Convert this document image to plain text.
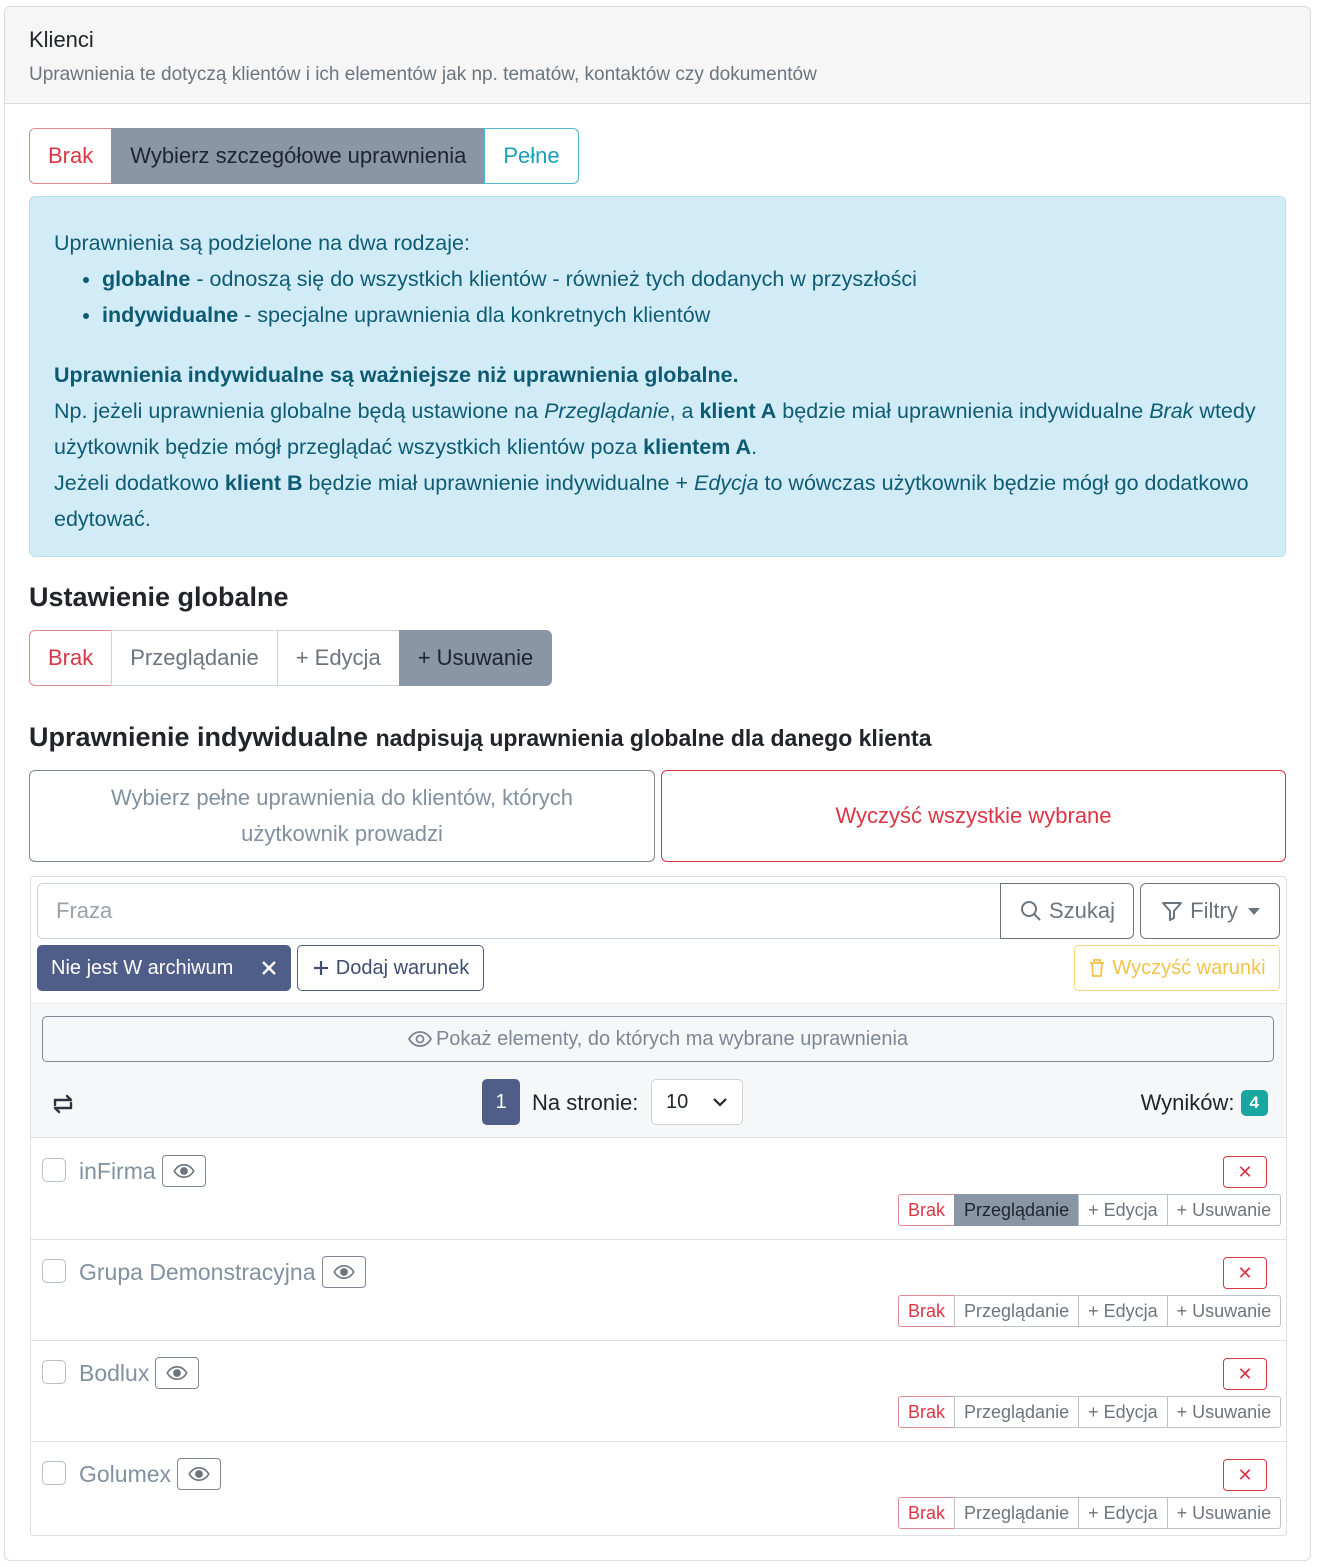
Klienci
Uprawnienia te dotyczą klientów i ich elementów jak np. tematów, kontaktów czy dokumentów
Brak	Wybierz szczegółowe uprawnienia	Pełne
Uprawnienia są podzielone na dwa rodzaje:
• globalne - odnoszą się do wszystkich klientów - również tych dodanych w przyszłości
• indywidualne - specjalne uprawnienia dla konkretnych klientów
Uprawnienia indywidualne są ważniejsze niż uprawnienia globalne.
Np. jeżeli uprawnienia globalne będą ustawione na Przeglądanie, a klient A będzie miał uprawnienia indywidualne Brak wtedy użytkownik będzie mógł przeglądać wszystkich klientów poza klientem A.
Jeżeli dodatkowo klient B będzie miał uprawnienie indywidualne + Edycja to wówczas użytkownik będzie mógł go dodatkowo edytować.
Ustawienie globalne
Brak	Przeglądanie	+ Edycja	+ Usuwanie
Uprawnienie indywidualne nadpisują uprawnienia globalne dla danego klienta
Wybierz pełne uprawnienia do klientów, których użytkownik prowadzi
Wyczyść wszystkie wybrane
Fraza	Szukaj	Filtry
Nie jest W archiwum	Dodaj warunek	Wyczyść warunki
Pokaż elementy, do których ma wybrane uprawnienia
1	Na stronie: 10	Wyników: 4
inFirma	✕
Brak	Przeglądanie	+ Edycja	+ Usuwanie
Grupa Demonstracyjna	✕
Brak	Przeglądanie	+ Edycja	+ Usuwanie
Bodlux	✕
Brak	Przeglądanie	+ Edycja	+ Usuwanie
Golumex	✕
Brak	Przeglądanie	+ Edycja	+ Usuwanie
